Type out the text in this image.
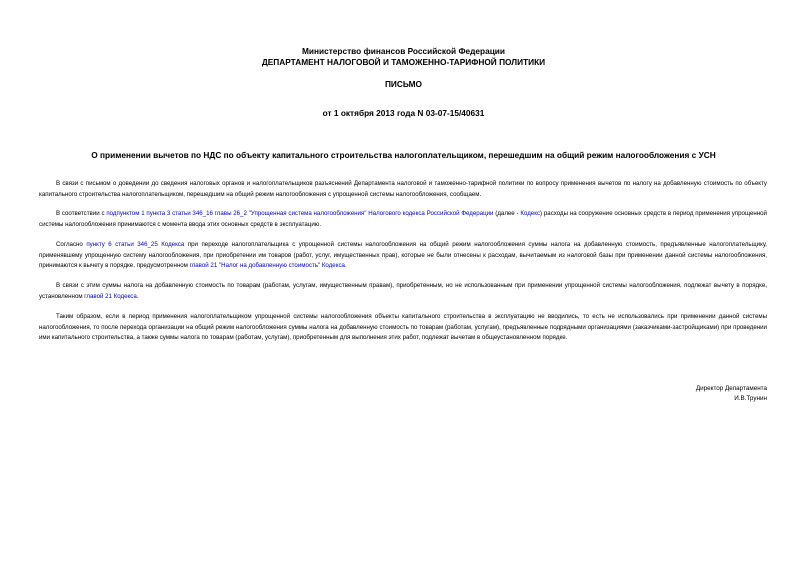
Министерство финансов Российской Федерации
ДЕПАРТАМЕНТ НАЛОГОВОЙ И ТАМОЖЕННО-ТАРИФНОЙ ПОЛИТИКИ
ПИСЬМО
от 1 октября 2013 года N 03-07-15/40631
О применении вычетов по НДС по объекту капитального строительства налогоплательщиком, перешедшим на общий режим налогообложения с УСН
В связи с письмом о доведении до сведения налоговых органов и налогоплательщиков разъяснений Департамента налоговой и таможенно-тарифной политики по вопросу применения вычетов по налогу на добавленную стоимость по объекту капитального строительства налогоплательщиком, перешедшим на общий режим налогообложения с упрощенной системы налогообложения, сообщаем.
В соответствии с подпунктом 1 пункта 3 статьи 346_16 главы 26_2 "Упрощенная система налогообложения" Налогового кодекса Российской Федерации (далее - Кодекс) расходы на сооружение основных средств в период применения упрощенной системы налогообложения принимаются с момента ввода этих основных средств в эксплуатацию.
Согласно пункту 6 статьи 346_25 Кодекса при переходе налогоплательщика с упрощенной системы налогообложения на общий режим налогообложения суммы налога на добавленную стоимость, предъявленные налогоплательщику, применявшему упрощенную систему налогообложения, при приобретении им товаров (работ, услуг, имущественных прав), которые не были отнесены к расходам, вычитаемым из налоговой базы при применении данной системы налогообложения, принимаются к вычету в порядке, предусмотренном главой 21 "Налог на добавленную стоимость" Кодекса.
В связи с этим суммы налога на добавленную стоимость по товарам (работам, услугам, имущественным правам), приобретенным, но не использованным при применении упрощенной системы налогообложения, подлежат вычету в порядке, установленном главой 21 Кодекса.
Таким образом, если в период применения налогоплательщиком упрощенной системы налогообложения объекты капитального строительства в эксплуатацию не вводились, то есть не использовались при применении данной системы налогообложения, то после перехода организации на общий режим налогообложения суммы налога на добавленную стоимость по товарам (работам, услугам), предъявленные подрядными организациями (заказчиками-застройщиками) при проведении ими капитального строительства, а также суммы налога по товарам (работам, услугам), приобретенным для выполнения этих работ, подлежат вычетам в общеустановленном порядке.
Директор Департамента
И.В.Трунин
